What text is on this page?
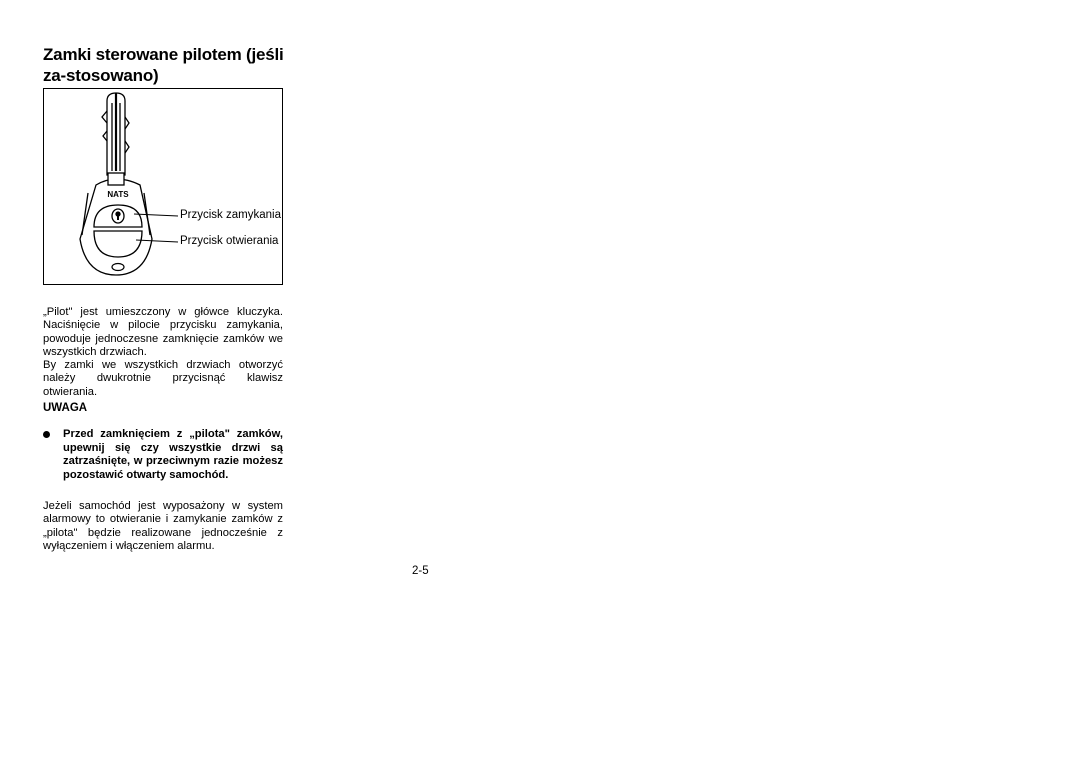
Zamki sterowane pilotem (jeśli za-stosowano)
NATS
Przycisk zamykania
Przycisk otwierania

„Pilot" jest umieszczony w główce kluczyka. Naciśnięcie w pilocie przycisku zamykania, powoduje jednoczesne zamknięcie zamków we wszystkich drzwiach.

By zamki we wszystkich drzwiach otworzyć należy dwukrotnie przycisnąć klawisz otwierania.

UWAGA

Przed zamknięciem z „pilota" zamków, upewnij się czy wszystkie drzwi są zatrzaśnięte, w przeciwnym razie możesz pozostawić otwarty samochód.

Jeżeli samochód jest wyposażony w system alarmowy to otwieranie i zamykanie zamków z „pilota" będzie realizowane jednocześnie z wyłączeniem i włączeniem alarmu.

2-5
